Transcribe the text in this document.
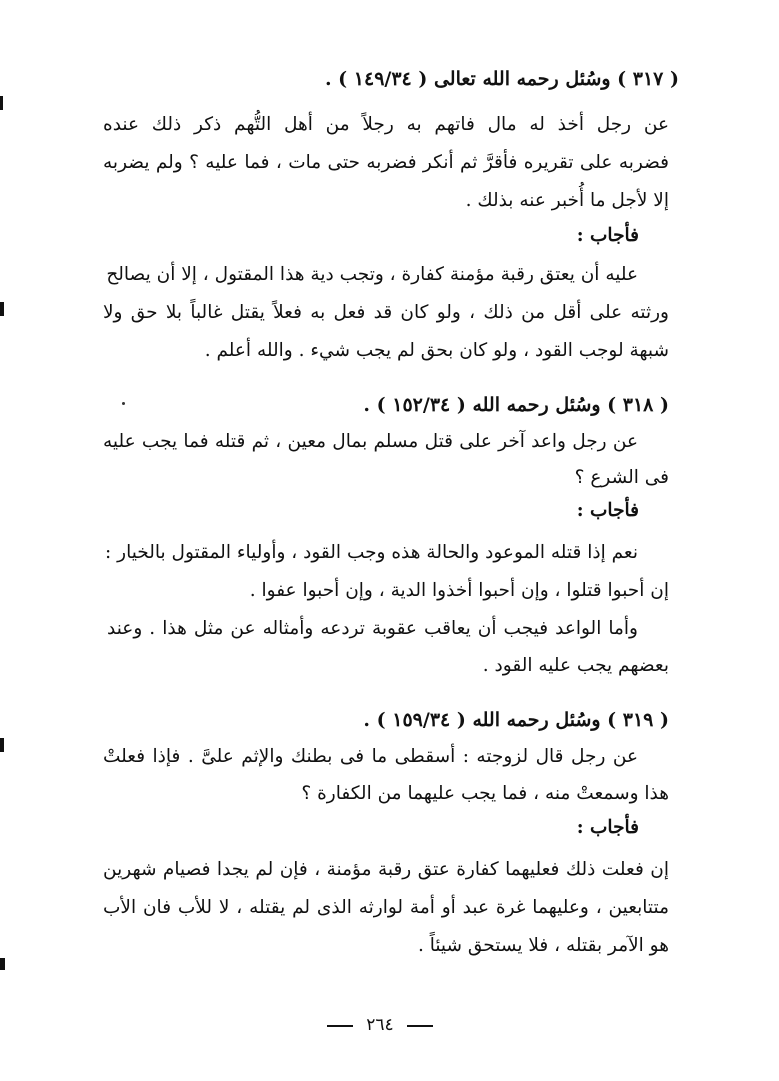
( ٣١٧ ) وسُئل رحمه الله تعالى ( ١٤٩/٣٤ ) .
عن رجل أخذ له مال فاتهم به رجلاً من أهل التُّهم ذكر ذلك عنده
فضربه على تقريره فأقرَّ ثم أنكر فضربه حتى مات ، فما عليه ؟ ولم يضربه
إلا لأجل ما أُخبر عنه بذلك .
فأجاب :
عليه أن يعتق رقبة مؤمنة كفارة ، وتجب دية هذا المقتول ، إلا أن يصالح
ورثته على أقل من ذلك ، ولو كان قد فعل به فعلاً يقتل غالباً بلا حق ولا
شبهة لوجب القود ، ولو كان بحق لم يجب شيء . والله أعلم .
( ٣١٨ ) وسُئل رحمه الله ( ١٥٢/٣٤ ) .
عن رجل واعد آخر على قتل مسلم بمال معين ، ثم قتله فما يجب عليه
فى الشرع ؟
فأجاب :
نعم إذا قتله الموعود والحالة هذه وجب القود ، وأولياء المقتول بالخيار :
إن أحبوا قتلوا ، وإن أحبوا أخذوا الدية ، وإن أحبوا عفوا .
وأما الواعد فيجب أن يعاقب عقوبة تردعه وأمثاله عن مثل هذا . وعند
بعضهم يجب عليه القود .
( ٣١٩ ) وسُئل رحمه الله ( ١٥٩/٣٤ ) .
عن رجل قال لزوجته : أسقطى ما فى بطنك والإثم علىَّ . فإذا فعلتْ
هذا وسمعتْ منه ، فما يجب عليهما من الكفارة ؟
فأجاب :
إن فعلت ذلك فعليهما كفارة عتق رقبة مؤمنة ، فإن لم يجدا فصيام شهرين
متتابعين ، وعليهما غرة عبد أو أمة لوارثه الذى لم يقتله ، لا للأب فان الأب
هو الآمر بقتله ، فلا يستحق شيئاً .
٢٦٤
